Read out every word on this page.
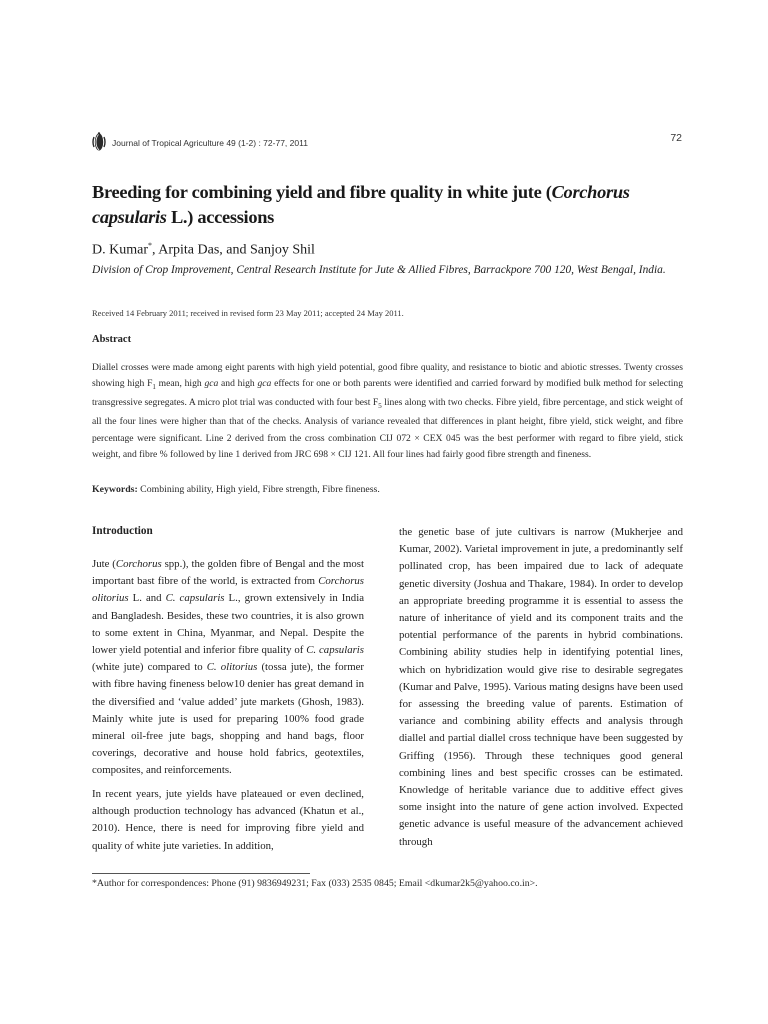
Journal of Tropical Agriculture 49 (1-2) : 72-77, 2011	72
Breeding for combining yield and fibre quality in white jute (Corchorus capsularis L.) accessions
D. Kumar*, Arpita Das, and Sanjoy Shil
Division of Crop Improvement, Central Research Institute for Jute & Allied Fibres, Barrackpore 700 120, West Bengal, India.
Received 14 February 2011; received in revised form 23 May 2011; accepted 24 May 2011.
Abstract
Diallel crosses were made among eight parents with high yield potential, good fibre quality, and resistance to biotic and abiotic stresses. Twenty crosses showing high $F_1$ mean, high gca and high gca effects for one or both parents were identified and carried forward by modified bulk method for selecting transgressive segregates. A micro plot trial was conducted with four best $F_5$ lines along with two checks. Fibre yield, fibre percentage, and stick weight of all the four lines were higher than that of the checks. Analysis of variance revealed that differences in plant height, fibre yield, stick weight, and fibre percentage were significant. Line 2 derived from the cross combination CIJ 072 × CEX 045 was the best performer with regard to fibre yield, stick weight, and fibre % followed by line 1 derived from JRC 698 × CIJ 121. All four lines had fairly good fibre strength and fineness.
Keywords: Combining ability, High yield, Fibre strength, Fibre fineness.
Introduction

Jute (Corchorus spp.), the golden fibre of Bengal and the most important bast fibre of the world, is extracted from Corchorus olitorius L. and C. capsularis L., grown extensively in India and Bangladesh. Besides, these two countries, it is also grown to some extent in China, Myanmar, and Nepal. Despite the lower yield potential and inferior fibre quality of C. capsularis (white jute) compared to C. olitorius (tossa jute), the former with fibre having fineness below10 denier has great demand in the diversified and ‘value added’ jute markets (Ghosh, 1983). Mainly white jute is used for preparing 100% food grade mineral oil-free jute bags, shopping and hand bags, floor coverings, decorative and house hold fabrics, geotextiles, composites, and reinforcements.

In recent years, jute yields have plateaued or even declined, although production technology has advanced (Khatun et al., 2010). Hence, there is need for improving fibre yield and quality of white jute varieties. In addition,

the genetic base of jute cultivars is narrow (Mukherjee and Kumar, 2002). Varietal improvement in jute, a predominantly self pollinated crop, has been impaired due to lack of adequate genetic diversity (Joshua and Thakare, 1984). In order to develop an appropriate breeding programme it is essential to assess the nature of inheritance of yield and its component traits and the potential performance of the parents in hybrid combinations. Combining ability studies help in identifying potential lines, which on hybridization would give rise to desirable segregates (Kumar and Palve, 1995). Various mating designs have been used for assessing the breeding value of parents. Estimation of variance and combining ability effects and analysis through diallel and partial diallel cross technique have been suggested by Griffing (1956). Through these techniques good general combining lines and best specific crosses can be estimated. Knowledge of heritable variance due to additive effect gives some insight into the nature of gene action involved. Expected genetic advance is useful measure of the advancement achieved through

*Author for correspondences: Phone (91) 9836949231; Fax (033) 2535 0845; Email <dkumar2k5@yahoo.co.in>.
